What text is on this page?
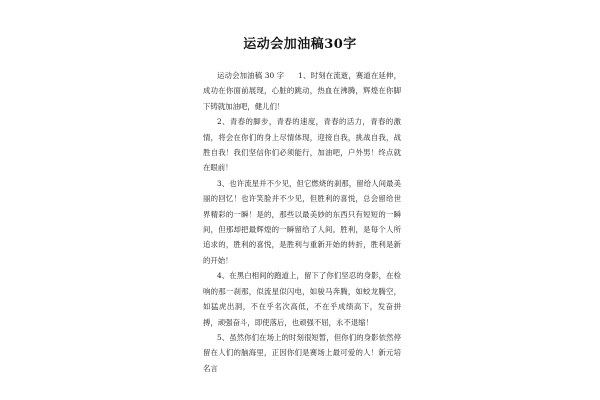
运动会加油稿30字

运动会加油稿 30 字 1、时刻在流逝，赛道在延伸，成功在你面前展现，心脏的跳动，热血在沸腾，辉煌在你脚下铸就加油吧，健儿们！

2、青春的脚步，青春的速度，青春的活力，青春的激情，将会在你们的身上尽情体现，迎接自我，挑战自我，战胜自我！我们坚信你们必须能行，加油吧，户外男！终点就在眼前！

3、也许流星并不少见，但它燃烧的刹那，留给人间最美丽的回忆！也许笑脸并不少见，但胜利的喜悦，总会留给世界精彩的一瞬！是的，那些以最美妙的东西只有短短的一瞬间，但那却把最辉煌的一瞬留给了人间。胜利，是每个人所追求的，胜利的喜悦，是胜利与重新开始的转折，胜利是新的开始！

4、在黑白相间的跑道上，留下了你们坚忍的身影，在检响的那一刹那，似流星似闪电，如骏马奔腾，如蛟龙腾空，如猛虎出洞，不在乎名次高低，不在乎成绩高下，发奋拼搏，顽强奋斗，即使落后，也顽强不屈，永不退缩！

5、虽然你们在场上的时刻很短暂，但你们的身影依然停留在人们的脑海里，正因你们是赛场上最可爱的人！新元培名言
